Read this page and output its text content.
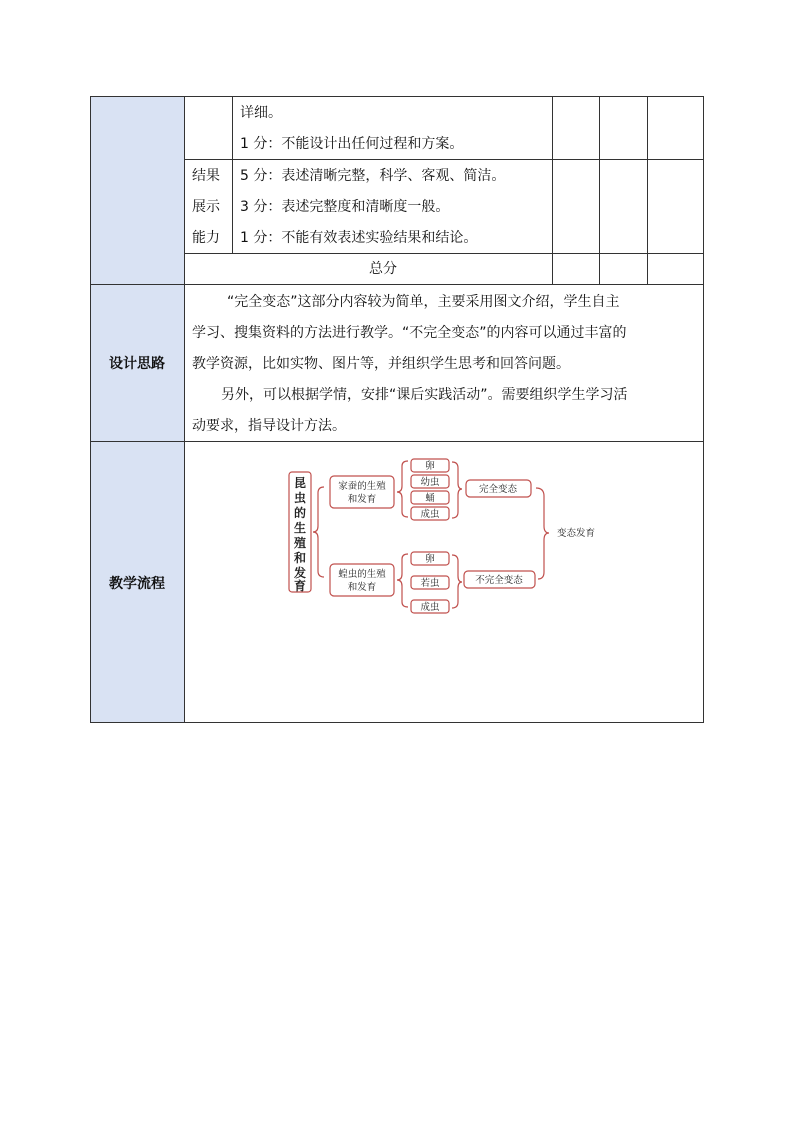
详细。
1 分：不能设计出任何过程和方案。
结果
展示
能力
5 分：表述清晰完整，科学、客观、简洁。
3 分：表述完整度和清晰度一般。
1 分：不能有效表述实验结果和结论。
总分
设计思路
“完全变态”这部分内容较为简单，主要采用图文介绍，学生自主
学习、搜集资料的方法进行教学。“不完全变态”的内容可以通过丰富的
教学资源，比如实物、图片等，并组织学生思考和回答问题。
另外，可以根据学情，安排“课后实践活动”。需要组织学生学习活
动要求，指导设计方法。
教学流程
昆
虫
的
生
殖
和
发
育
家蚕的生殖
和发育
蝗虫的生殖
和发育
卵
幼虫
蛹
成虫
卵
若虫
成虫
完全变态
不完全变态
变态发育
